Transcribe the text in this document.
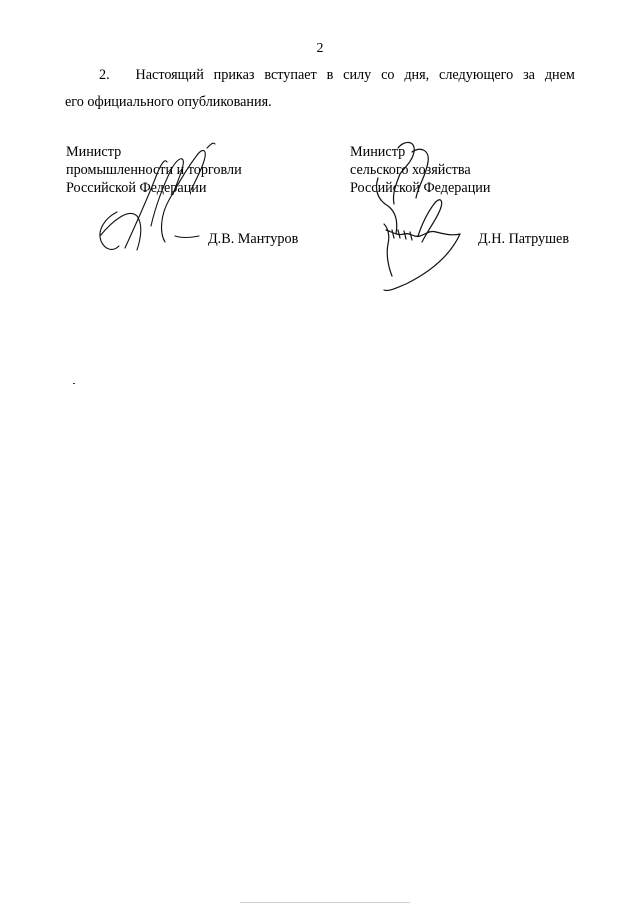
2
2. Настоящий приказ вступает в силу со дня, следующего за днем
его официального опубликования.
Министр
промышленности и торговли
Российской Федерации
Д.В. Мантуров
Министр
сельского хозяйства
Российской Федерации
Д.Н. Патрушев
